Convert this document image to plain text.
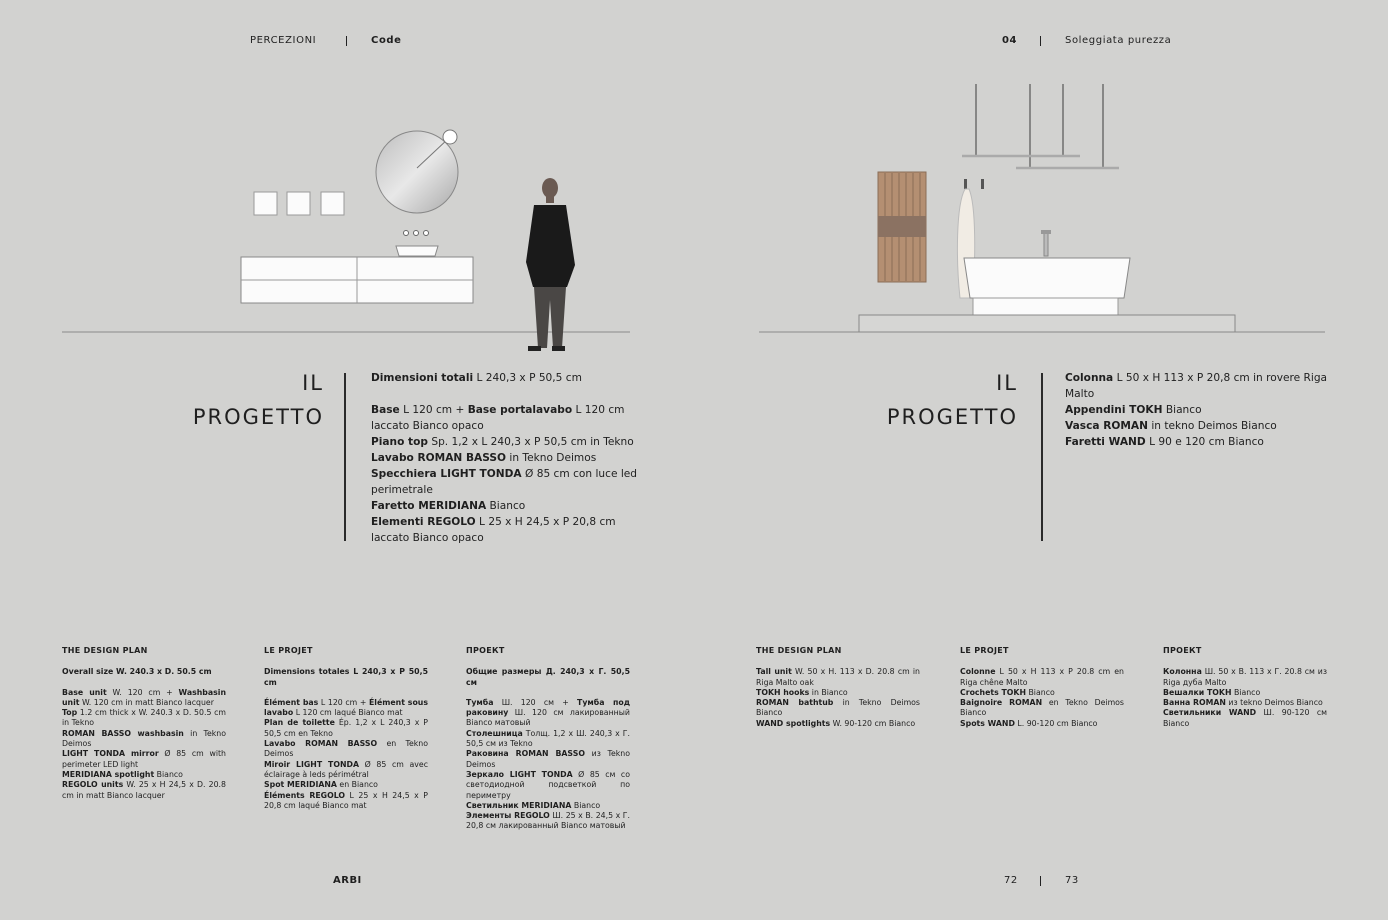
PERCEZIONI	Code	04	Soleggiata purezza
IL
PROGETTO

Dimensioni totali L 240,3 x P 50,5 cm

Base L 120 cm + Base portalavabo L 120 cm laccato Bianco opaco

Piano top Sp. 1,2 x L 240,3 x P 50,5 cm in Tekno

Lavabo ROMAN BASSO in Tekno Deimos

Specchiera LIGHT TONDA Ø 85 cm con luce led perimetrale

Faretto MERIDIANA Bianco

Elementi REGOLO L 25 x H 24,5 x P 20,8 cm laccato Bianco opaco

IL
PROGETTO

Colonna L 50 x H 113 x P 20,8 cm in rovere Riga Malto

Appendini TOKH Bianco

Vasca ROMAN in tekno Deimos Bianco

Faretti WAND L 90 e 120 cm Bianco

THE DESIGN PLAN

Overall size W. 240.3 x D. 50.5 cm

Base unit W. 120 cm + Washbasin unit W. 120 cm in matt Bianco lacquer

Top 1.2 cm thick x W. 240.3 x D. 50.5 cm in Tekno

ROMAN BASSO washbasin in Tekno Deimos

LIGHT TONDA mirror Ø 85 cm with perimeter LED light

MERIDIANA spotlight Bianco

REGOLO units W. 25 x H 24,5 x D. 20.8 cm in matt Bianco lacquer

LE PROJET

Dimensions totales L 240,3 x P 50,5 cm

Élément bas L 120 cm + Élément sous lavabo L 120 cm laqué Bianco mat

Plan de toilette Ép. 1,2 x L 240,3 x P 50,5 cm en Tekno

Lavabo ROMAN BASSO en Tekno Deimos

Miroir LIGHT TONDA Ø 85 cm avec éclairage à leds périmétral

Spot MERIDIANA en Bianco

Éléments REGOLO L 25 x H 24,5 x P 20,8 cm laqué Bianco mat

ПРОЕКТ

Общие размеры Д. 240,3 x Г. 50,5 см

Тумба Ш. 120 см + Тумба под раковину Ш. 120 см лакированный Bianco матовый

Столешница Толщ. 1,2 x Ш. 240,3 x Г. 50,5 см из Tekno

Раковина ROMAN BASSO из Tekno Deimos

Зеркало LIGHT TONDA Ø 85 см со светодиодной подсветкой по периметру

Светильник MERIDIANA Bianco

Элементы REGOLO Ш. 25 x В. 24,5 x Г. 20,8 см лакированный Bianco матовый

THE DESIGN PLAN

Tall unit W. 50 x H. 113 x D. 20.8 cm in Riga Malto oak

TOKH hooks in Bianco

ROMAN bathtub in Tekno Deimos Bianco

WAND spotlights W. 90-120 cm Bianco

LE PROJET

Colonne L 50 x H 113 x P 20.8 cm en Riga chêne Malto

Crochets TOKH Bianco

Baignoire ROMAN en Tekno Deimos Bianco

Spots WAND L. 90-120 cm Bianco

ПРОЕКТ

Колонна Ш. 50 x В. 113 x Г. 20.8 см из Riga дуба Malto

Вешалки TOKH Bianco

Ванна ROMAN из tekno Deimos Bianco

Светильники WAND Ш. 90-120 см Bianco

ARBI	72	73
